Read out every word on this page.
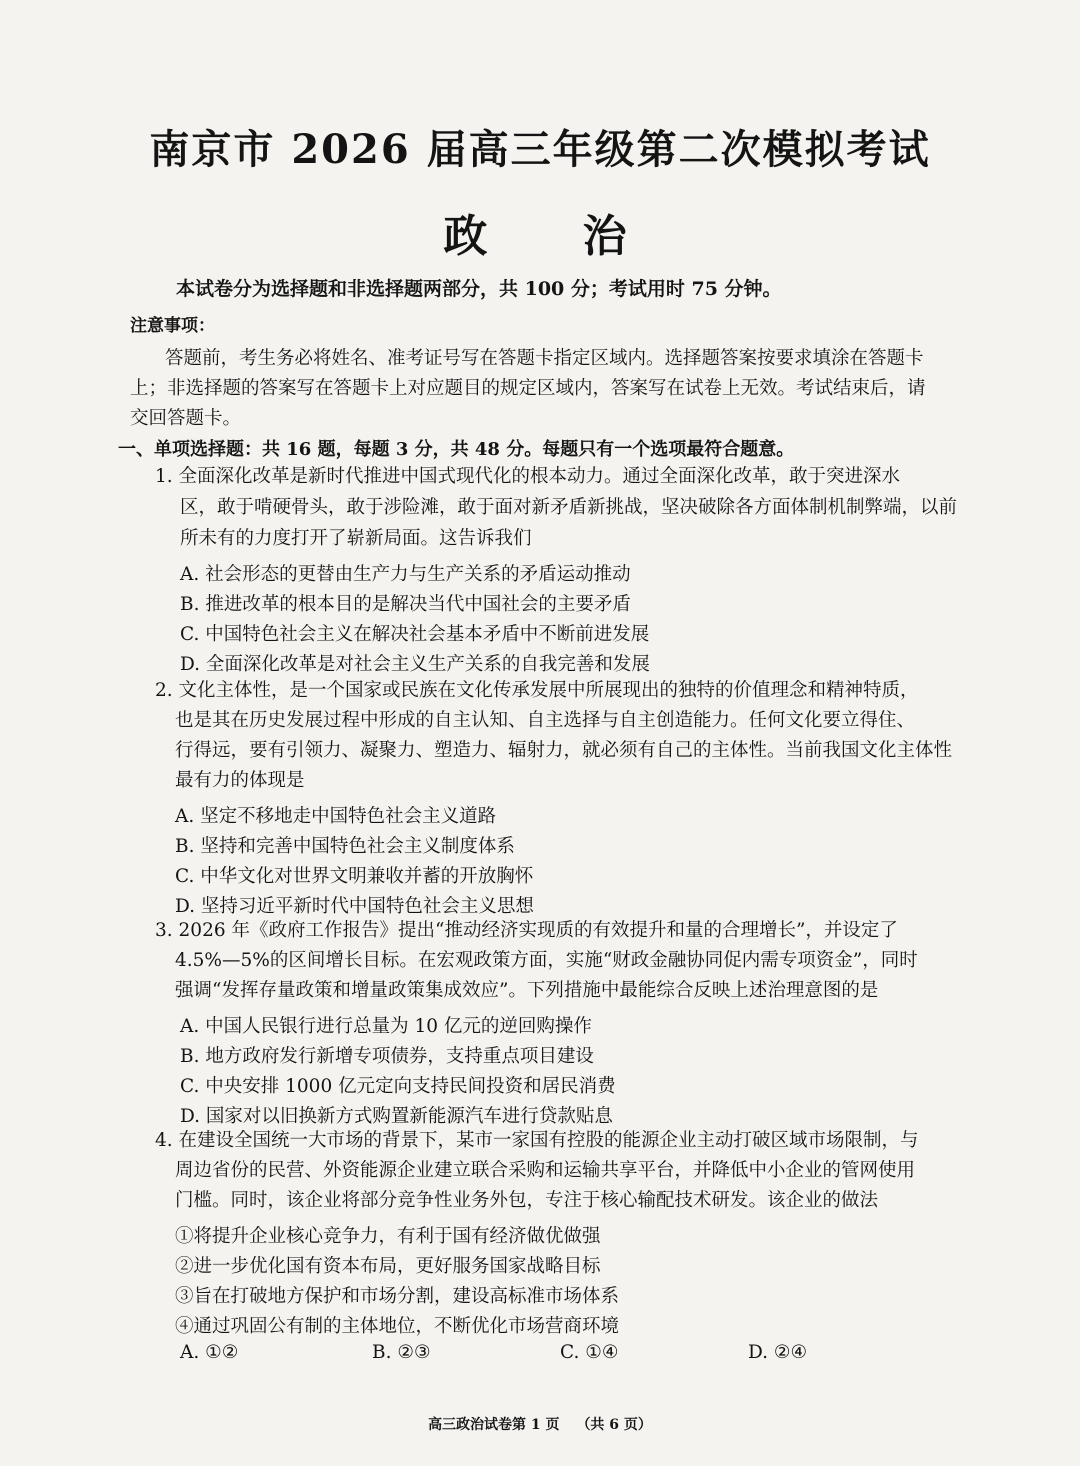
南京市 2026 届高三年级第二次模拟考试
政 治
本试卷分为选择题和非选择题两部分，共 100 分；考试用时 75 分钟。
注意事项：
答题前，考生务必将姓名、准考证号写在答题卡指定区域内。选择题答案按要求填涂在答题卡
上；非选择题的答案写在答题卡上对应题目的规定区域内，答案写在试卷上无效。考试结束后，请
交回答题卡。
一、单项选择题：共 16 题，每题 3 分，共 48 分。每题只有一个选项最符合题意。
1. 全面深化改革是新时代推进中国式现代化的根本动力。通过全面深化改革，敢于突进深水
区，敢于啃硬骨头，敢于涉险滩，敢于面对新矛盾新挑战，坚决破除各方面体制机制弊端，以前
所未有的力度打开了崭新局面。这告诉我们
A. 社会形态的更替由生产力与生产关系的矛盾运动推动
B. 推进改革的根本目的是解决当代中国社会的主要矛盾
C. 中国特色社会主义在解决社会基本矛盾中不断前进发展
D. 全面深化改革是对社会主义生产关系的自我完善和发展
2. 文化主体性，是一个国家或民族在文化传承发展中所展现出的独特的价值理念和精神特质，
也是其在历史发展过程中形成的自主认知、自主选择与自主创造能力。任何文化要立得住、
行得远，要有引领力、凝聚力、塑造力、辐射力，就必须有自己的主体性。当前我国文化主体性
最有力的体现是
A. 坚定不移地走中国特色社会主义道路
B. 坚持和完善中国特色社会主义制度体系
C. 中华文化对世界文明兼收并蓄的开放胸怀
D. 坚持习近平新时代中国特色社会主义思想
3. 2026 年《政府工作报告》提出“推动经济实现质的有效提升和量的合理增长”，并设定了
4.5%—5%的区间增长目标。在宏观政策方面，实施“财政金融协同促内需专项资金”，同时
强调“发挥存量政策和增量政策集成效应”。下列措施中最能综合反映上述治理意图的是
A. 中国人民银行进行总量为 10 亿元的逆回购操作
B. 地方政府发行新增专项债券，支持重点项目建设
C. 中央安排 1000 亿元定向支持民间投资和居民消费
D. 国家对以旧换新方式购置新能源汽车进行贷款贴息
4. 在建设全国统一大市场的背景下，某市一家国有控股的能源企业主动打破区域市场限制，与
周边省份的民营、外资能源企业建立联合采购和运输共享平台，并降低中小企业的管网使用
门槛。同时，该企业将部分竞争性业务外包，专注于核心输配技术研发。该企业的做法
①将提升企业核心竞争力，有利于国有经济做优做强
②进一步优化国有资本布局，更好服务国家战略目标
③旨在打破地方保护和市场分割，建设高标准市场体系
④通过巩固公有制的主体地位，不断优化市场营商环境
A. ①②	B. ②③	C. ①④	D. ②④
高三政治试卷第 1 页 （共 6 页）
